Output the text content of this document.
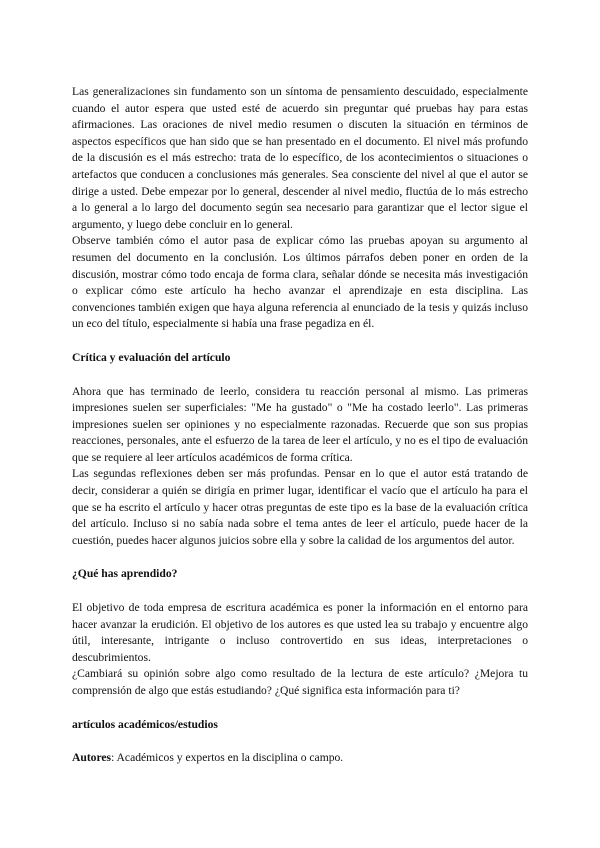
Las generalizaciones sin fundamento son un síntoma de pensamiento descuidado, especialmente cuando el autor espera que usted esté de acuerdo sin preguntar qué pruebas hay para estas afirmaciones. Las oraciones de nivel medio resumen o discuten la situación en términos de aspectos específicos que han sido que se han presentado en el documento. El nivel más profundo de la discusión es el más estrecho: trata de lo específico, de los acontecimientos o situaciones o artefactos que conducen a conclusiones más generales. Sea consciente del nivel al que el autor se dirige a usted. Debe empezar por lo general, descender al nivel medio, fluctúa de lo más estrecho a lo general a lo largo del documento según sea necesario para garantizar que el lector sigue el argumento, y luego debe concluir en lo general.

Observe también cómo el autor pasa de explicar cómo las pruebas apoyan su argumento al resumen del documento en la conclusión. Los últimos párrafos deben poner en orden de la discusión, mostrar cómo todo encaja de forma clara, señalar dónde se necesita más investigación o explicar cómo este artículo ha hecho avanzar el aprendizaje en esta disciplina. Las convenciones también exigen que haya alguna referencia al enunciado de la tesis y quizás incluso un eco del título, especialmente si había una frase pegadiza en él.

Crítica y evaluación del artículo

Ahora que has terminado de leerlo, considera tu reacción personal al mismo. Las primeras impresiones suelen ser superficiales: "Me ha gustado" o "Me ha costado leerlo". Las primeras impresiones suelen ser opiniones y no especialmente razonadas. Recuerde que son sus propias reacciones, personales, ante el esfuerzo de la tarea de leer el artículo, y no es el tipo de evaluación que se requiere al leer artículos académicos de forma crítica.

Las segundas reflexiones deben ser más profundas. Pensar en lo que el autor está tratando de decir, considerar a quién se dirigía en primer lugar, identificar el vacío que el artículo ha para el que se ha escrito el artículo y hacer otras preguntas de este tipo es la base de la evaluación crítica del artículo. Incluso si no sabía nada sobre el tema antes de leer el artículo, puede hacer de la cuestión, puedes hacer algunos juicios sobre ella y sobre la calidad de los argumentos del autor.

¿Qué has aprendido?

El objetivo de toda empresa de escritura académica es poner la información en el entorno para hacer avanzar la erudición. El objetivo de los autores es que usted lea su trabajo y encuentre algo útil, interesante, intrigante o incluso controvertido en sus ideas, interpretaciones o descubrimientos.

¿Cambiará su opinión sobre algo como resultado de la lectura de este artículo? ¿Mejora tu comprensión de algo que estás estudiando? ¿Qué significa esta información para ti?

artículos académicos/estudios

Autores: Académicos y expertos en la disciplina o campo.
